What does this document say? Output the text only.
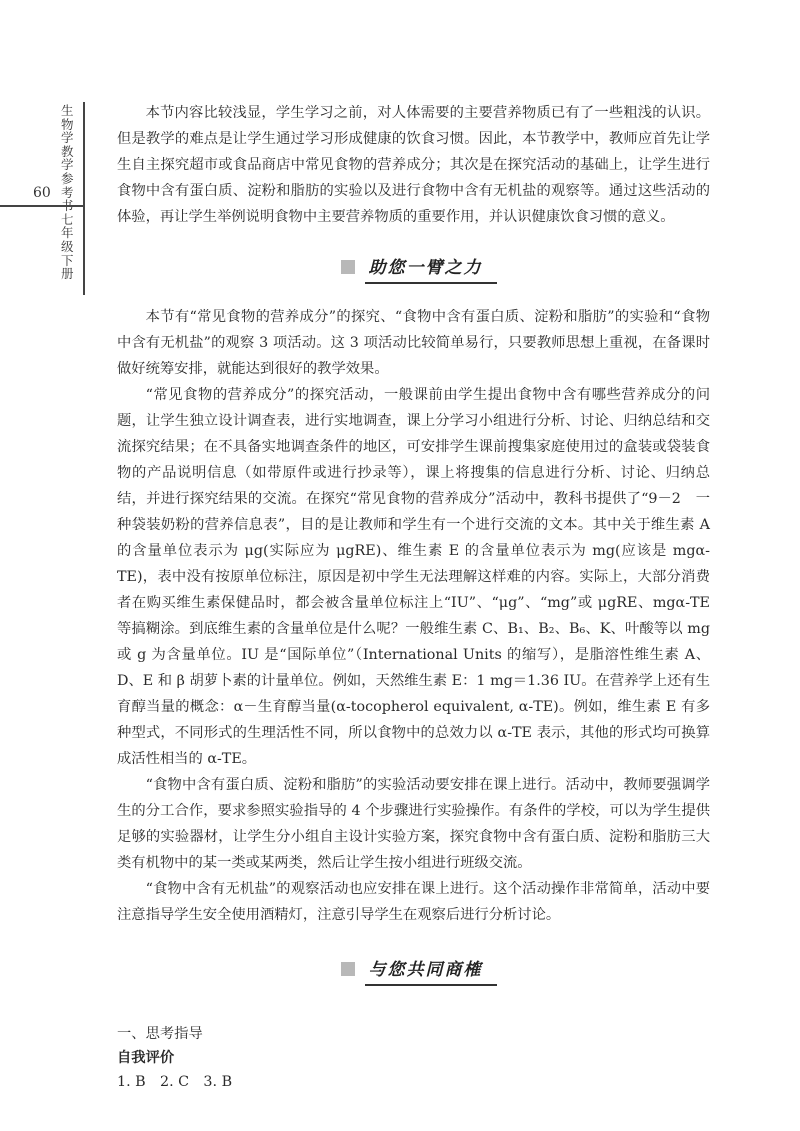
生物学教学参考书七年级下册
60

本节内容比较浅显，学生学习之前，对人体需要的主要营养物质已有了一些粗浅的认识。但是教学的难点是让学生通过学习形成健康的饮食习惯。因此，本节教学中，教师应首先让学生自主探究超市或食品商店中常见食物的营养成分；其次是在探究活动的基础上，让学生进行食物中含有蛋白质、淀粉和脂肪的实验以及进行食物中含有无机盐的观察等。通过这些活动的体验，再让学生举例说明食物中主要营养物质的重要作用，并认识健康饮食习惯的意义。

助您一臂之力

本节有“常见食物的营养成分”的探究、“食物中含有蛋白质、淀粉和脂肪”的实验和“食物中含有无机盐”的观察 3 项活动。这 3 项活动比较简单易行，只要教师思想上重视，在备课时做好统筹安排，就能达到很好的教学效果。

“常见食物的营养成分”的探究活动，一般课前由学生提出食物中含有哪些营养成分的问题，让学生独立设计调查表，进行实地调查，课上分学习小组进行分析、讨论、归纳总结和交流探究结果；在不具备实地调查条件的地区，可安排学生课前搜集家庭使用过的盒装或袋装食物的产品说明信息（如带原件或进行抄录等），课上将搜集的信息进行分析、讨论、归纳总结，并进行探究结果的交流。在探究“常见食物的营养成分”活动中，教科书提供了“9－2　一种袋装奶粉的营养信息表”，目的是让教师和学生有一个进行交流的文本。其中关于维生素 A 的含量单位表示为 μg(实际应为 μgRE)、维生素 E 的含量单位表示为 mg(应该是 mgα-TE)，表中没有按原单位标注，原因是初中学生无法理解这样难的内容。实际上，大部分消费者在购买维生素保健品时，都会被含量单位标注上“IU”、“μg”、“mg”或 μgRE、mgα-TE 等搞糊涂。到底维生素的含量单位是什么呢？一般维生素 C、B₁、B₂、B₆、K、叶酸等以 mg 或 g 为含量单位。IU 是“国际单位”（International Units 的缩写），是脂溶性维生素 A、D、E 和 β 胡萝卜素的计量单位。例如，天然维生素 E：1 mg＝1.36 IU。在营养学上还有生育醇当量的概念：α－生育醇当量(α-tocopherol equivalent, α-TE)。例如，维生素 E 有多种型式，不同形式的生理活性不同，所以食物中的总效力以 α-TE 表示，其他的形式均可换算成活性相当的 α-TE。

“食物中含有蛋白质、淀粉和脂肪”的实验活动要安排在课上进行。活动中，教师要强调学生的分工合作，要求参照实验指导的 4 个步骤进行实验操作。有条件的学校，可以为学生提供足够的实验器材，让学生分小组自主设计实验方案，探究食物中含有蛋白质、淀粉和脂肪三大类有机物中的某一类或某两类，然后让学生按小组进行班级交流。

“食物中含有无机盐”的观察活动也应安排在课上进行。这个活动操作非常简单，活动中要注意指导学生安全使用酒精灯，注意引导学生在观察后进行分析讨论。

与您共同商榷

一、思考指导

自我评价

1. B　2. C　3. B
